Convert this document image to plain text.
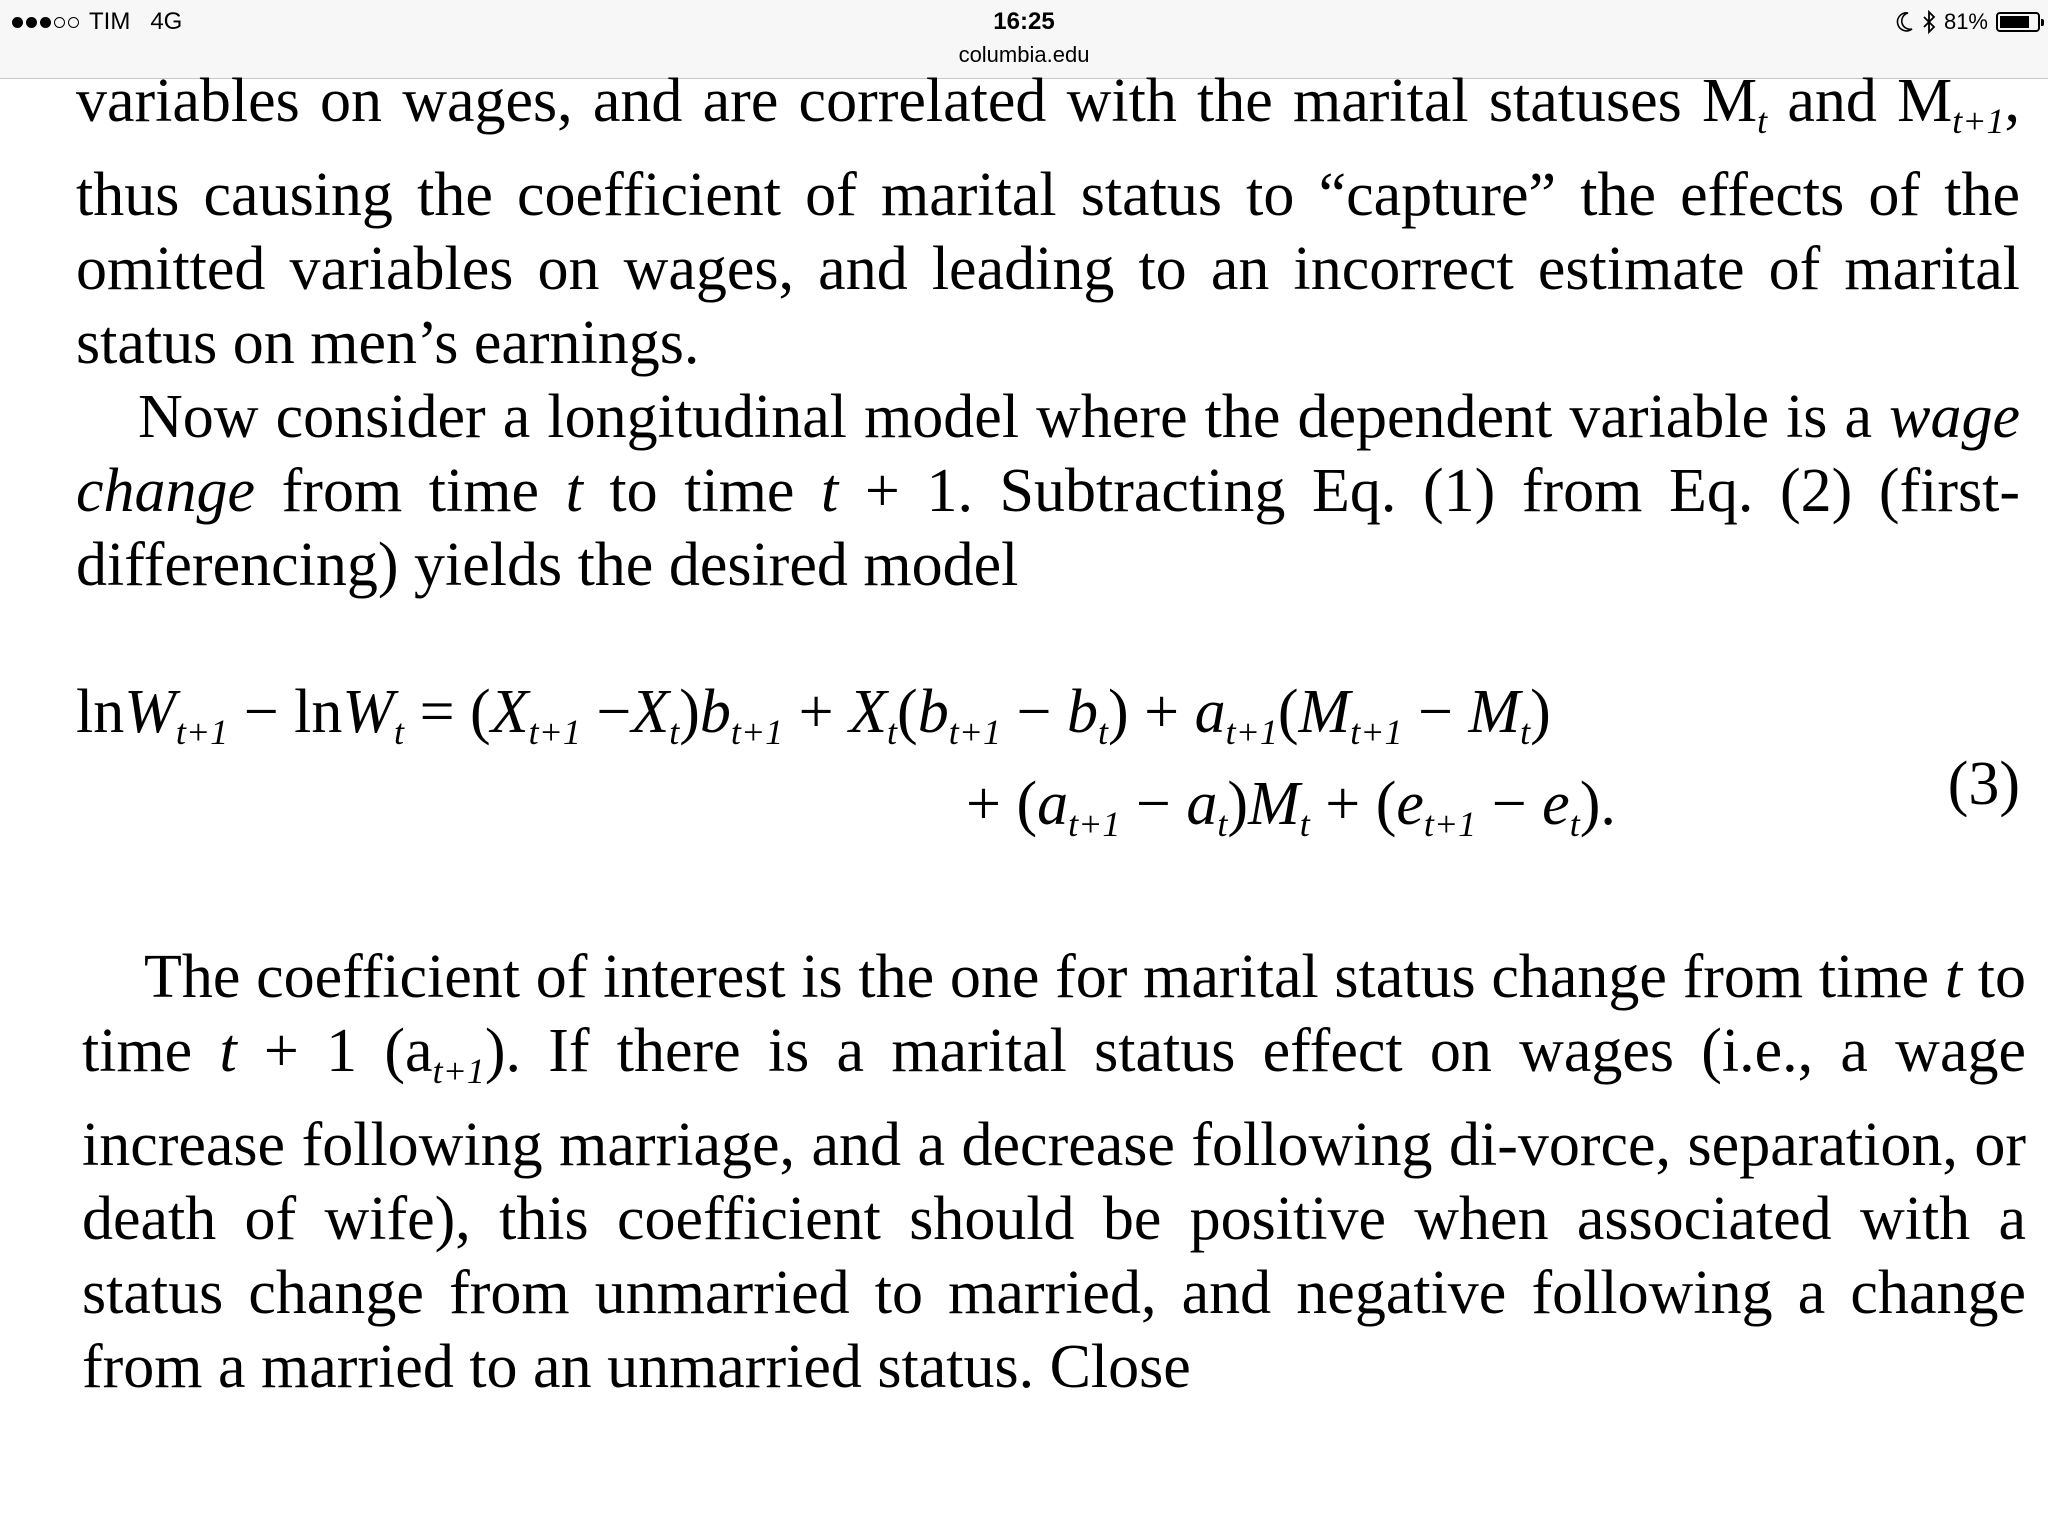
TIM 4G	16:25
columbia.edu
81%

variables on wages, and are correlated with the marital statuses $M_t$ and $M_{t+1}$, thus causing the coefficient of marital status to “capture” the effects of the omitted variables on wages, and leading to an incorrect estimate of marital status on men’s earnings.

Now consider a longitudinal model where the dependent variable is a wage change from time t to time t + 1. Subtracting Eq. (1) from Eq. (2) (first-differencing) yields the desired model

$\ln W_{t+1} - \ln W_t = (X_{t+1} -X_t)b_{t+1} + X_t(b_{t+1} - b_t) + a_{t+1}(M_{t+1} - M_t)$
+ $(a_{t+1} - a_t)M_t + (e_{t+1} - e_t)$.	(3)

The coefficient of interest is the one for marital status change from time t to time t + 1 $(a_{t+1})$. If there is a marital status effect on wages (i.e., a wage increase following marriage, and a decrease following di-vorce, separation, or death of wife), this coefficient should be positive when associated with a status change from unmarried to married, and negative following a change from a married to an unmarried status. Close
